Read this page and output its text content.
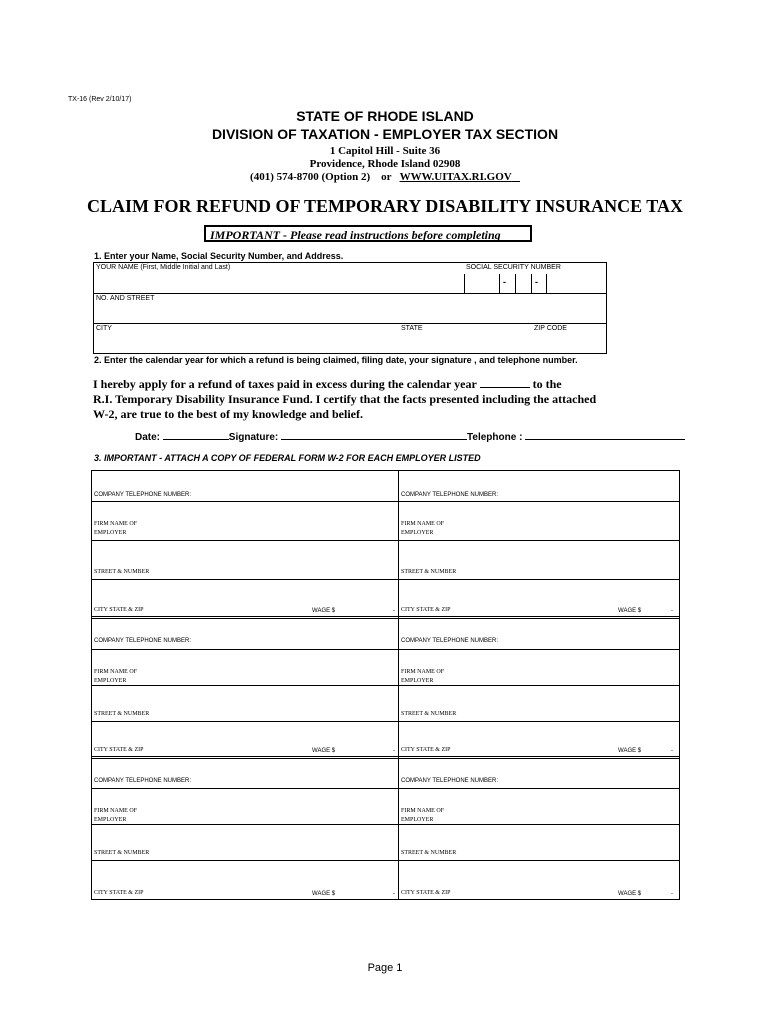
TX-16 (Rev 2/10/17)
STATE OF RHODE ISLAND
DIVISION OF TAXATION - EMPLOYER TAX SECTION
1 Capitol Hill - Suite 36
Providence, Rhode Island 02908
(401) 574-8700 (Option 2) or WWW.UITAX.RI.GOV
CLAIM FOR REFUND OF TEMPORARY DISABILITY INSURANCE TAX
IMPORTANT - Please read instructions before completing
1. Enter your Name, Social Security Number, and Address.
YOUR NAME (First, Middle Initial and Last)	SOCIAL SECURITY NUMBER
-	-
NO. AND STREET
CITY	STATE	ZIP CODE
2. Enter the calendar year for which a refund is being claimed, filing date, your signature , and telephone number.
I hereby apply for a refund of taxes paid in excess during the calendar year	to the
R.I. Temporary Disability Insurance Fund. I certify that the facts presented including the attached
W-2, are true to the best of my knowledge and belief.
Date:	Signature:	Telephone :
3. IMPORTANT - ATTACH A COPY OF FEDERAL FORM W-2 FOR EACH EMPLOYER LISTED
COMPANY TELEPHONE NUMBER:
FIRM NAME OF
EMPLOYER
STREET & NUMBER
CITY STATE & ZIP	WAGE $	-
COMPANY TELEPHONE NUMBER:
FIRM NAME OF
EMPLOYER
STREET & NUMBER
CITY STATE & ZIP	WAGE $	-
COMPANY TELEPHONE NUMBER:
FIRM NAME OF
EMPLOYER
STREET & NUMBER
CITY STATE & ZIP	WAGE $	-
COMPANY TELEPHONE NUMBER:
FIRM NAME OF
EMPLOYER
STREET & NUMBER
CITY STATE & ZIP	WAGE $	-
COMPANY TELEPHONE NUMBER:
FIRM NAME OF
EMPLOYER
STREET & NUMBER
CITY STATE & ZIP	WAGE $	-
COMPANY TELEPHONE NUMBER:
FIRM NAME OF
EMPLOYER
STREET & NUMBER
CITY STATE & ZIP	WAGE $	-
Page 1
